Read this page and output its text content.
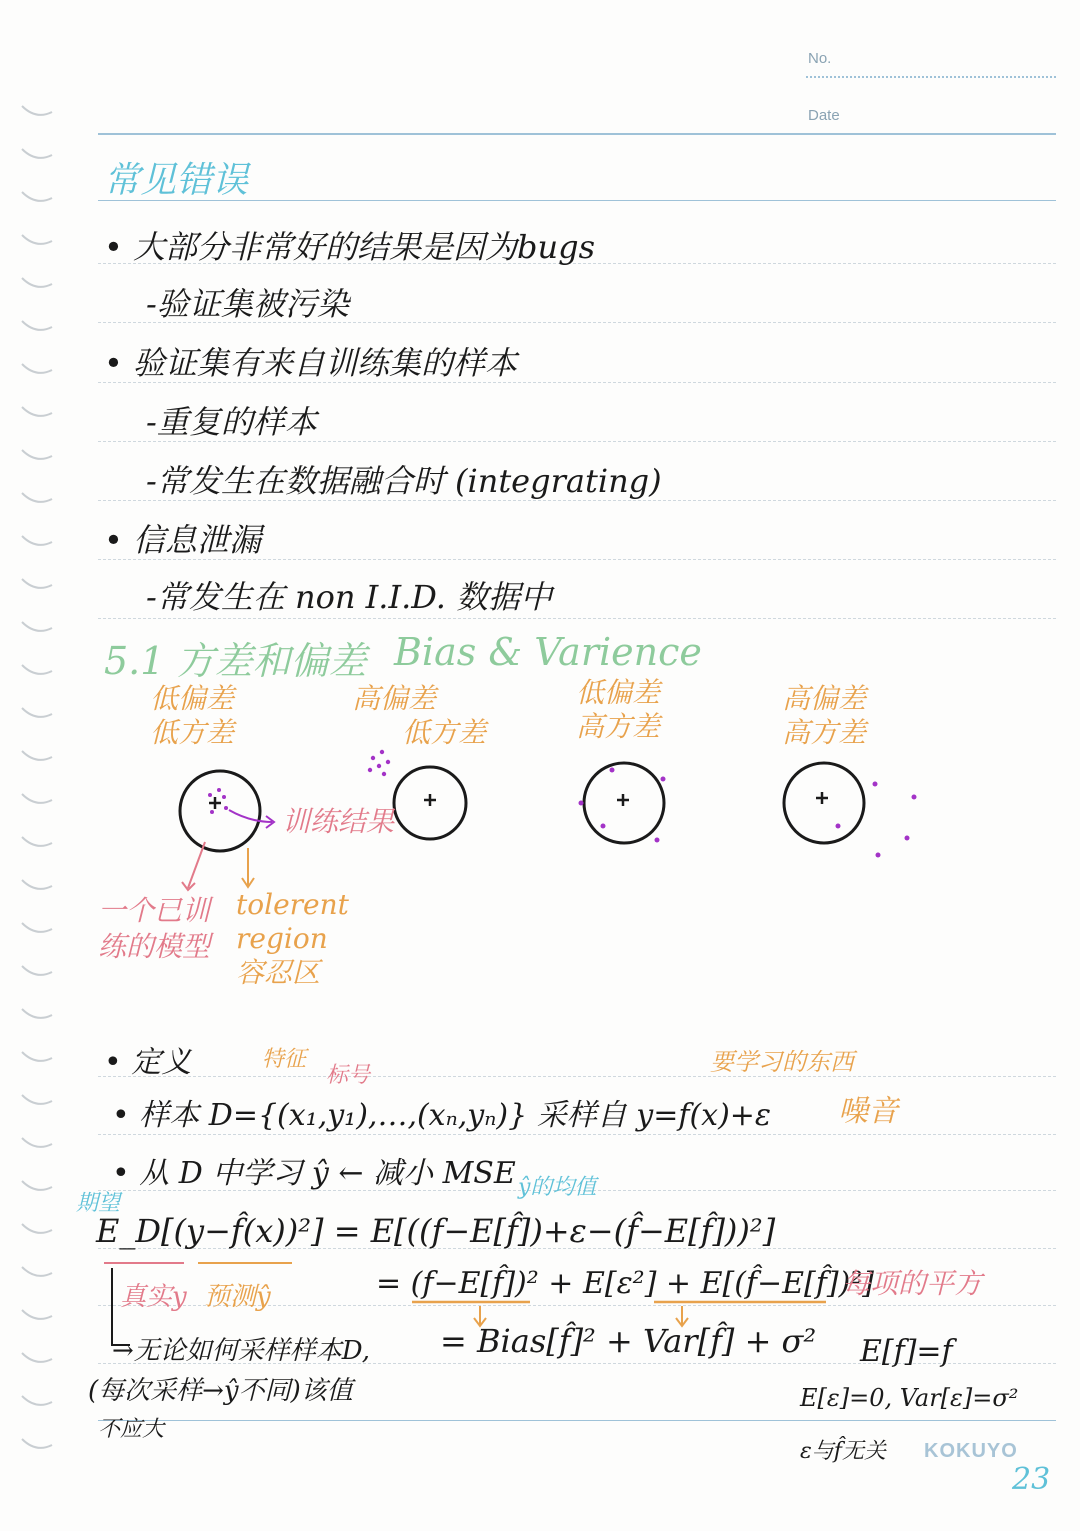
No.
Date
常见错误
• 大部分非常好的结果是因为bugs
-验证集被污染
• 验证集有来自训练集的样本
-重复的样本
-常发生在数据融合时 (integrating)
• 信息泄漏
-常发生在 non I.I.D. 数据中
5.1 方差和偏差 Bias & Varience
低偏差
低方差
高偏差
低方差
低偏差
高方差
高偏差
高方差
训练结果
一个已训
练的模型
tolerent
region
容忍区
• 定义	特征
标号	要学习的东西
• 样本 D={(x₁,y₁),…,(xₙ,yₙ)} 采样自 y=f(x)+ε 噪音
• 从 D 中学习 ŷ ← 减小 MSE ŷ的均值
期望
E_D[(y−f̂(x))²] = E[((f−E[f̂])+ε−(f̂−E[f̂]))²]
= (f−E[f̂])² + E[ε²] + E[(f̂−E[f̂])²]
每项的平方
= Bias[f̂]² + Var[f̂] + σ²
真实y 预测ŷ
→无论如何采样样本D,
(每次采样→ŷ不同)该值
不应大
E[f]=f
E[ε]=0, Var[ε]=σ²
ε与f̂无关 KOKUYO
23
